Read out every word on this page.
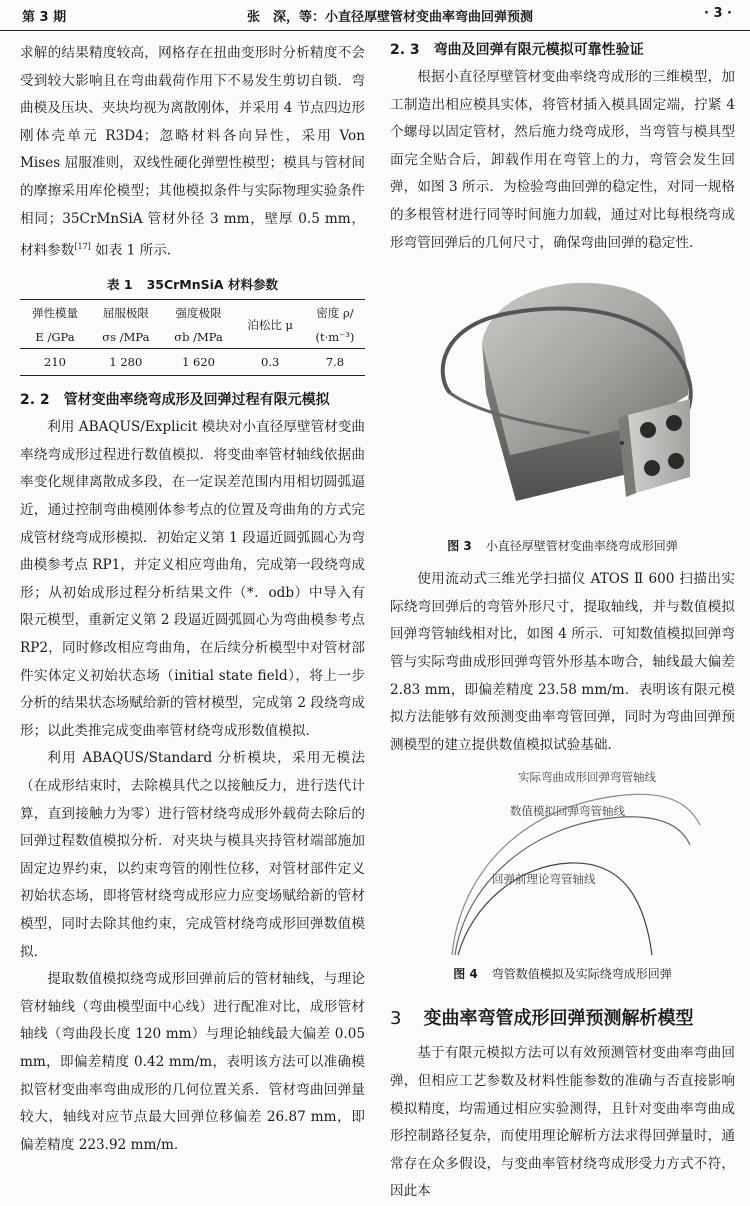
第 3 期	张　深，等：小直径厚壁管材变曲率弯曲回弹预测	· 3 ·

求解的结果精度较高，网格存在扭曲变形时分析精度不会受到较大影响且在弯曲载荷作用下不易发生剪切自锁．弯曲模及压块、夹块均视为离散刚体，并采用 4 节点四边形刚体壳单元 R3D4；忽略材料各向异性，采用 Von Mises 屈服准则，双线性硬化弹塑性模型；模具与管材间的摩擦采用库伦模型；其他模拟条件与实际物理实验条件相同；35CrMnSiA 管材外径 3 mm，壁厚 0.5 mm，材料参数[17] 如表 1 所示．

表 1 35CrMnSiA 材料参数
弹性模量	屈服极限	强度极限	泊松比 μ	密度 ρ/
E /GPa	σs /MPa	σb /MPa		(t·m⁻³)
210	1 280	1 620	0.3	7.8
2. 2 管材变曲率绕弯成形及回弹过程有限元模拟

利用 ABAQUS/Explicit 模块对小直径厚壁管材变曲率绕弯成形过程进行数值模拟．将变曲率管材轴线依据曲率变化规律离散成多段，在一定误差范围内用相切圆弧逼近，通过控制弯曲模刚体参考点的位置及弯曲角的方式完成管材绕弯成形模拟．初始定义第 1 段逼近圆弧圆心为弯曲模参考点 RP1，并定义相应弯曲角，完成第一段绕弯成形；从初始成形过程分析结果文件（*．odb）中导入有限元模型，重新定义第 2 段逼近圆弧圆心为弯曲模参考点 RP2，同时修改相应弯曲角，在后续分析模型中对管材部件实体定义初始状态场（initial state field），将上一步分析的结果状态场赋给新的管材模型，完成第 2 段绕弯成形；以此类推完成变曲率管材绕弯成形数值模拟．

利用 ABAQUS/Standard 分析模块，采用无模法（在成形结束时，去除模具代之以接触反力，进行迭代计算，直到接触力为零）进行管材绕弯成形外载荷去除后的回弹过程数值模拟分析．对夹块与模具夹持管材端部施加固定边界约束，以约束弯管的刚性位移，对管材部件定义初始状态场，即将管材绕弯成形应力应变场赋给新的管材模型，同时去除其他约束，完成管材绕弯成形回弹数值模拟．

提取数值模拟绕弯成形回弹前后的管材轴线，与理论管材轴线（弯曲模型面中心线）进行配准对比，成形管材轴线（弯曲段长度 120 mm）与理论轴线最大偏差 0.05 mm，即偏差精度 0.42 mm/m，表明该方法可以准确模拟管材变曲率弯曲成形的几何位置关系．管材弯曲回弹量较大，轴线对应节点最大回弹位移偏差 26.87 mm，即偏差精度 223.92 mm/m．

2. 3 弯曲及回弹有限元模拟可靠性验证

根据小直径厚壁管材变曲率绕弯成形的三维模型，加工制造出相应模具实体，将管材插入模具固定端，拧紧 4 个螺母以固定管材，然后施力绕弯成形，当弯管与模具型面完全贴合后，卸载作用在弯管上的力，弯管会发生回弹，如图 3 所示．为检验弯曲回弹的稳定性，对同一规格的多根管材进行同等时间施力加载，通过对比每根绕弯成形弯管回弹后的几何尺寸，确保弯曲回弹的稳定性．

图 3 小直径厚壁管材变曲率绕弯成形回弹

使用流动式三维光学扫描仪 ATOS Ⅱ 600 扫描出实际绕弯回弹后的弯管外形尺寸，提取轴线，并与数值模拟回弹弯管轴线相对比，如图 4 所示．可知数值模拟回弹弯管与实际弯曲成形回弹弯管外形基本吻合，轴线最大偏差 2.83 mm，即偏差精度 23.58 mm/m．表明该有限元模拟方法能够有效预测变曲率弯管回弹，同时为弯曲回弹预测模型的建立提供数值模拟试验基础．

实际弯曲成形回弹弯管轴线
数值模拟回弹弯管轴线
回弹前理论弯管轴线
图 4 弯管数值模拟及实际绕弯成形回弹
3 变曲率弯管成形回弹预测解析模型

基于有限元模拟方法可以有效预测管材变曲率弯曲回弹，但相应工艺参数及材料性能参数的准确与否直接影响模拟精度，均需通过相应实验测得，且针对变曲率弯曲成形控制路径复杂，而使用理论解析方法求得回弹量时，通常存在众多假设，与变曲率管材绕弯成形受力方式不符，因此本
